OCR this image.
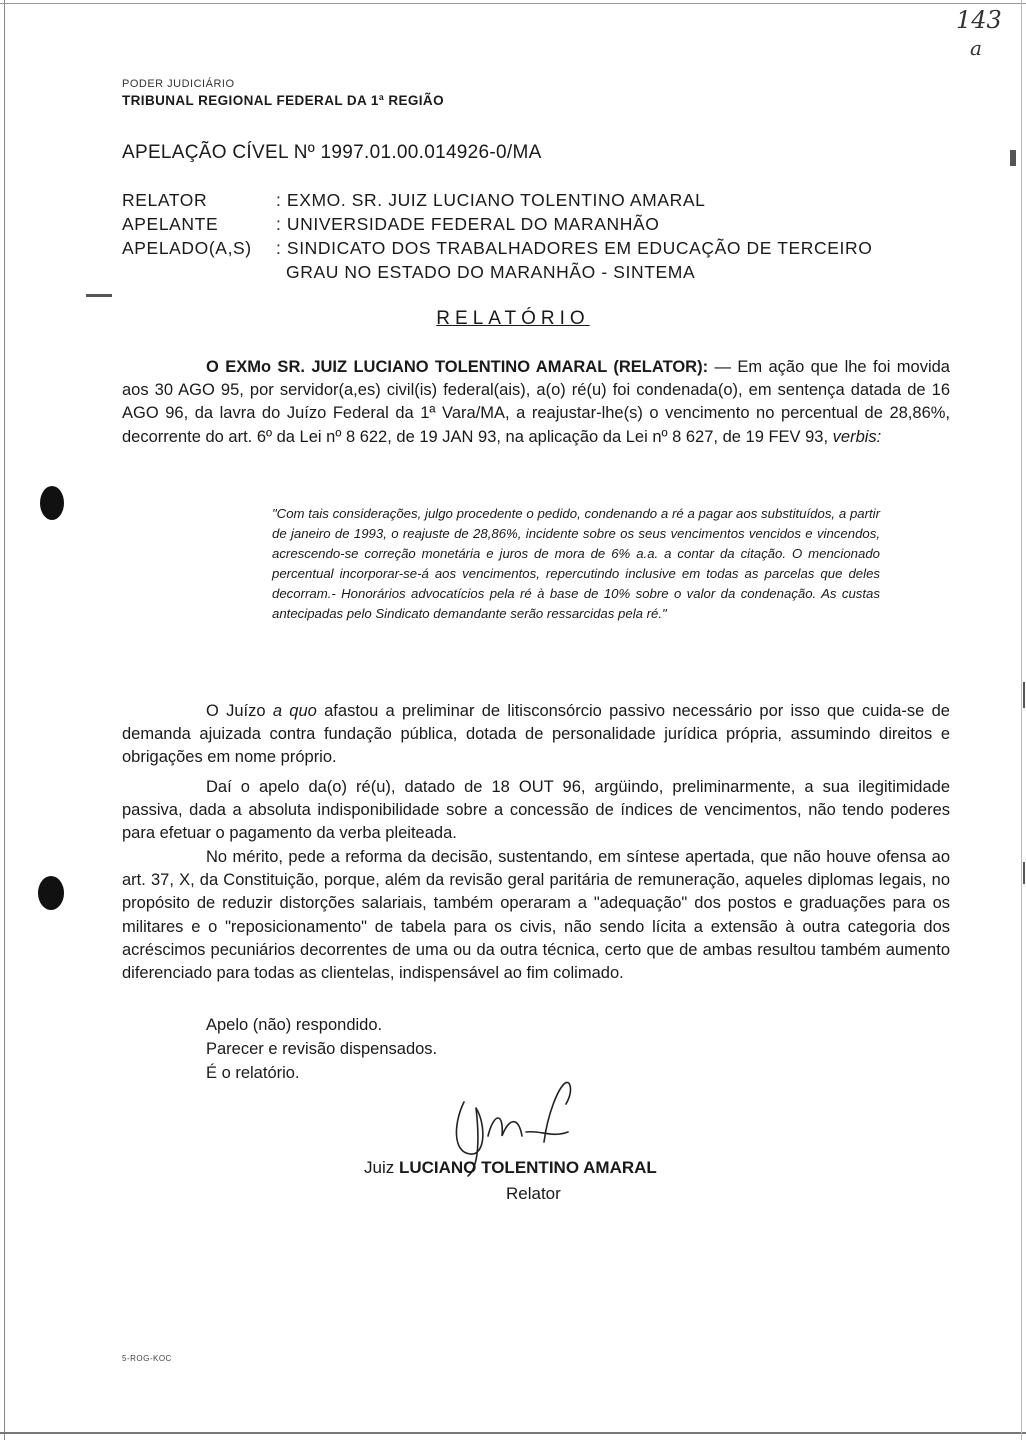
143
a
PODER JUDICIÁRIO
TRIBUNAL REGIONAL FEDERAL DA 1ª REGIÃO
APELAÇÃO CÍVEL Nº 1997.01.00.014926-0/MA
RELATOR	: EXMO. SR. JUIZ LUCIANO TOLENTINO AMARAL
APELANTE	: UNIVERSIDADE FEDERAL DO MARANHÃO
APELADO(A,S) : SINDICATO DOS TRABALHADORES EM EDUCAÇÃO DE TERCEIRO
GRAU NO ESTADO DO MARANHÃO - SINTEMA
RELATÓRIO

O EXMo SR. JUIZ LUCIANO TOLENTINO AMARAL (RELATOR): — Em ação que lhe foi movida aos 30 AGO 95, por servidor(a,es) civil(is) federal(ais), a(o) ré(u) foi condenada(o), em sentença datada de 16 AGO 96, da lavra do Juízo Federal da 1ª Vara/MA, a reajustar-lhe(s) o vencimento no percentual de 28,86%, decorrente do art. 6º da Lei nº 8 622, de 19 JAN 93, na aplicação da Lei nº 8 627, de 19 FEV 93, verbis:

"Com tais considerações, julgo procedente o pedido, condenando a ré a pagar aos substituídos, a partir de janeiro de 1993, o reajuste de 28,86%, incidente sobre os seus vencimentos vencidos e vincendos, acrescendo-se correção monetária e juros de mora de 6% a.a. a contar da citação. O mencionado percentual incorporar-se-á aos vencimentos, repercutindo inclusive em todas as parcelas que deles decorram.- Honorários advocatícios pela ré à base de 10% sobre o valor da condenação. As custas antecipadas pelo Sindicato demandante serão ressarcidas pela ré."

O Juízo a quo afastou a preliminar de litisconsórcio passivo necessário por isso que cuida-se de demanda ajuizada contra fundação pública, dotada de personalidade jurídica própria, assumindo direitos e obrigações em nome próprio.

Daí o apelo da(o) ré(u), datado de 18 OUT 96, argüindo, preliminarmente, a sua ilegitimidade passiva, dada a absoluta indisponibilidade sobre a concessão de índices de vencimentos, não tendo poderes para efetuar o pagamento da verba pleiteada.

No mérito, pede a reforma da decisão, sustentando, em síntese apertada, que não houve ofensa ao art. 37, X, da Constituição, porque, além da revisão geral paritária de remuneração, aqueles diplomas legais, no propósito de reduzir distorções salariais, também operaram a "adequação" dos postos e graduações para os militares e o "reposicionamento" de tabela para os civis, não sendo lícita a extensão à outra categoria dos acréscimos pecuniários decorrentes de uma ou da outra técnica, certo que de ambas resultou também aumento diferenciado para todas as clientelas, indispensável ao fim colimado.

Apelo (não) respondido.
Parecer e revisão dispensados.
É o relatório.
Juiz LUCIANO TOLENTINO AMARAL
Relator
5-ROG-KOC
